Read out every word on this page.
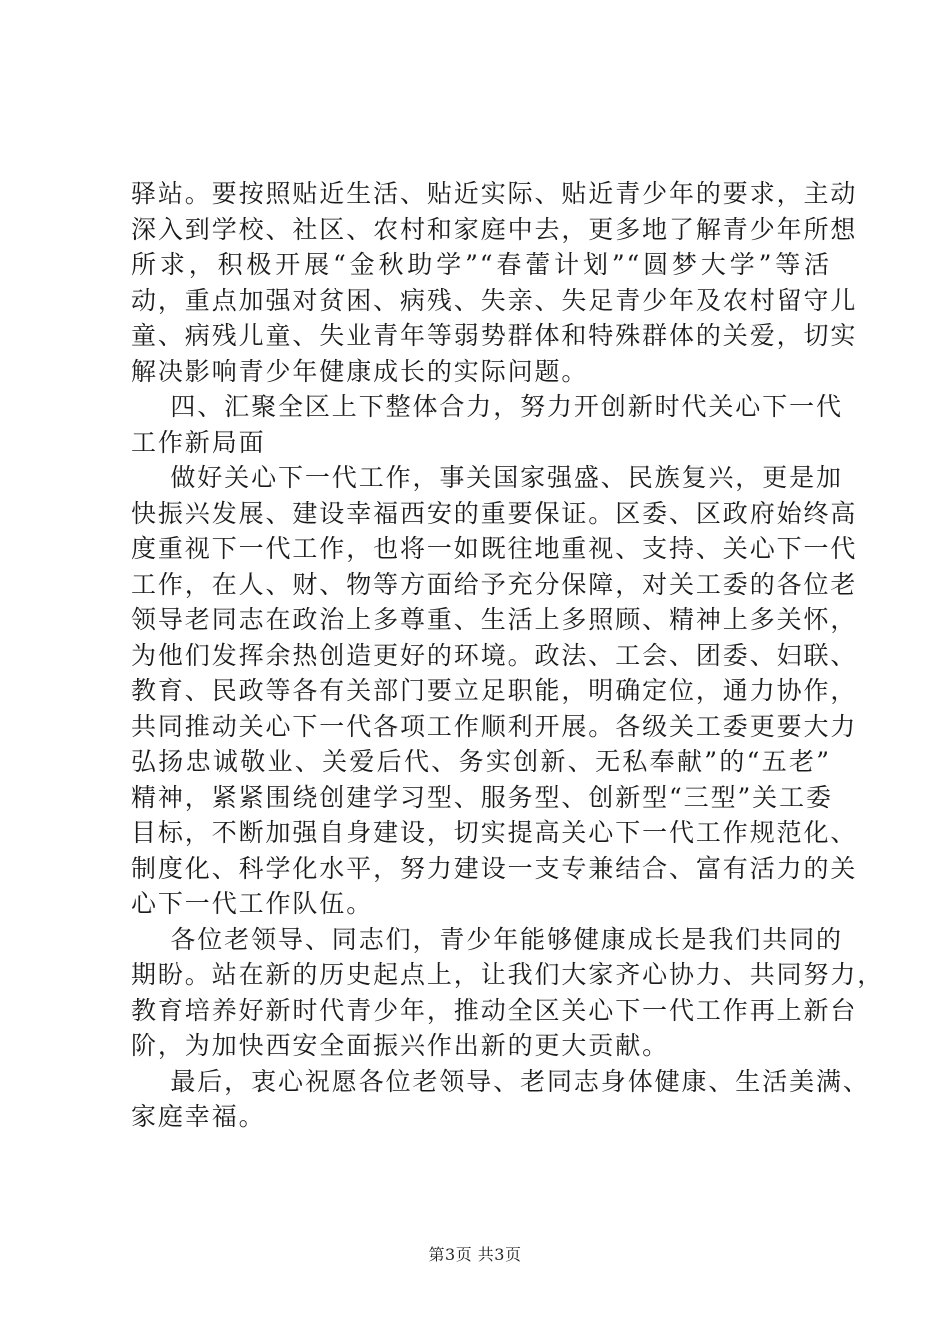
驿站。要按照贴近生活、贴近实际、贴近青少年的要求，主动
深入到学校、社区、农村和家庭中去，更多地了解青少年所想
所求，积极开展“金秋助学”“春蕾计划”“圆梦大学”等活
动，重点加强对贫困、病残、失亲、失足青少年及农村留守儿
童、病残儿童、失业青年等弱势群体和特殊群体的关爱，切实
解决影响青少年健康成长的实际问题。
四、汇聚全区上下整体合力，努力开创新时代关心下一代
工作新局面
做好关心下一代工作，事关国家强盛、民族复兴，更是加
快振兴发展、建设幸福西安的重要保证。区委、区政府始终高
度重视下一代工作，也将一如既往地重视、支持、关心下一代
工作，在人、财、物等方面给予充分保障，对关工委的各位老
领导老同志在政治上多尊重、生活上多照顾、精神上多关怀，
为他们发挥余热创造更好的环境。政法、工会、团委、妇联、
教育、民政等各有关部门要立足职能，明确定位，通力协作，
共同推动关心下一代各项工作顺利开展。各级关工委更要大力
弘扬忠诚敬业、关爱后代、务实创新、无私奉献”的“五老”
精神，紧紧围绕创建学习型、服务型、创新型“三型”关工委
目标，不断加强自身建设，切实提高关心下一代工作规范化、
制度化、科学化水平，努力建设一支专兼结合、富有活力的关
心下一代工作队伍。
各位老领导、同志们，青少年能够健康成长是我们共同的
期盼。站在新的历史起点上，让我们大家齐心协力、共同努力，
教育培养好新时代青少年，推动全区关心下一代工作再上新台
阶，为加快西安全面振兴作出新的更大贡献。
最后，衷心祝愿各位老领导、老同志身体健康、生活美满、
家庭幸福。
第3页 共3页
